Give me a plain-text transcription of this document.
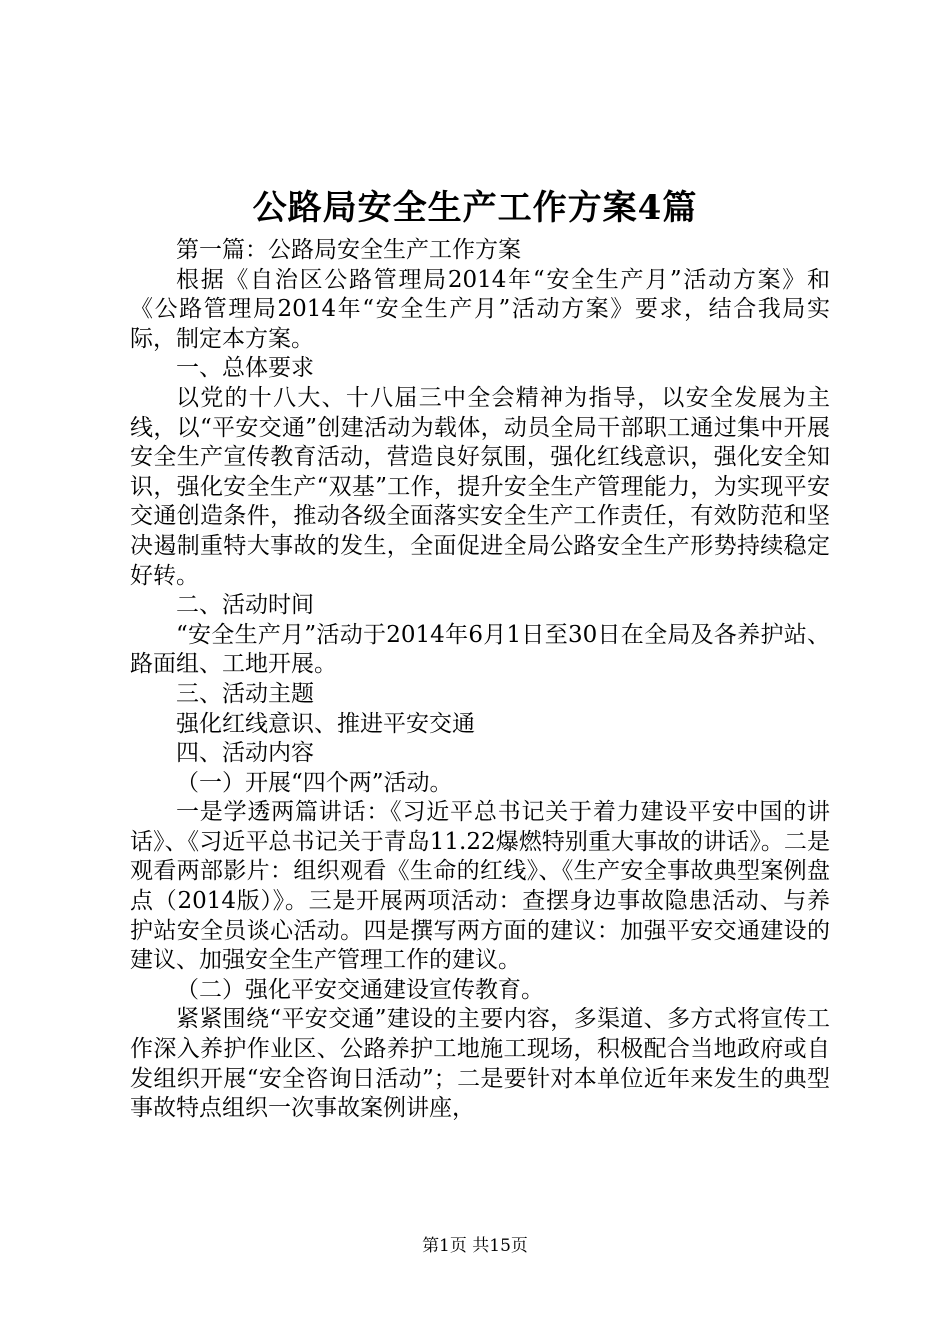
公路局安全生产工作方案4篇

第一篇：公路局安全生产工作方案

根据《自治区公路管理局2014年“安全生产月”活动方案》和《公路管理局2014年“安全生产月”活动方案》要求，结合我局实际，制定本方案。

一、总体要求

以党的十八大、十八届三中全会精神为指导，以安全发展为主线，以“平安交通”创建活动为载体，动员全局干部职工通过集中开展安全生产宣传教育活动，营造良好氛围，强化红线意识，强化安全知识，强化安全生产“双基”工作，提升安全生产管理能力，为实现平安交通创造条件，推动各级全面落实安全生产工作责任，有效防范和坚决遏制重特大事故的发生，全面促进全局公路安全生产形势持续稳定好转。

二、活动时间

“安全生产月”活动于2014年6月1日至30日在全局及各养护站、路面组、工地开展。

三、活动主题

强化红线意识、推进平安交通

四、活动内容

（一）开展“四个两”活动。

一是学透两篇讲话：《习近平总书记关于着力建设平安中国的讲话》、《习近平总书记关于青岛11.22爆燃特别重大事故的讲话》。二是观看两部影片：组织观看《生命的红线》、《生产安全事故典型案例盘点（2014版）》。三是开展两项活动：查摆身边事故隐患活动、与养护站安全员谈心活动。四是撰写两方面的建议：加强平安交通建设的建议、加强安全生产管理工作的建议。

（二）强化平安交通建设宣传教育。

紧紧围绕“平安交通”建设的主要内容，多渠道、多方式将宣传工作深入养护作业区、公路养护工地施工现场，积极配合当地政府或自发组织开展“安全咨询日活动”；二是要针对本单位近年来发生的典型事故特点组织一次事故案例讲座，

第1页 共15页
